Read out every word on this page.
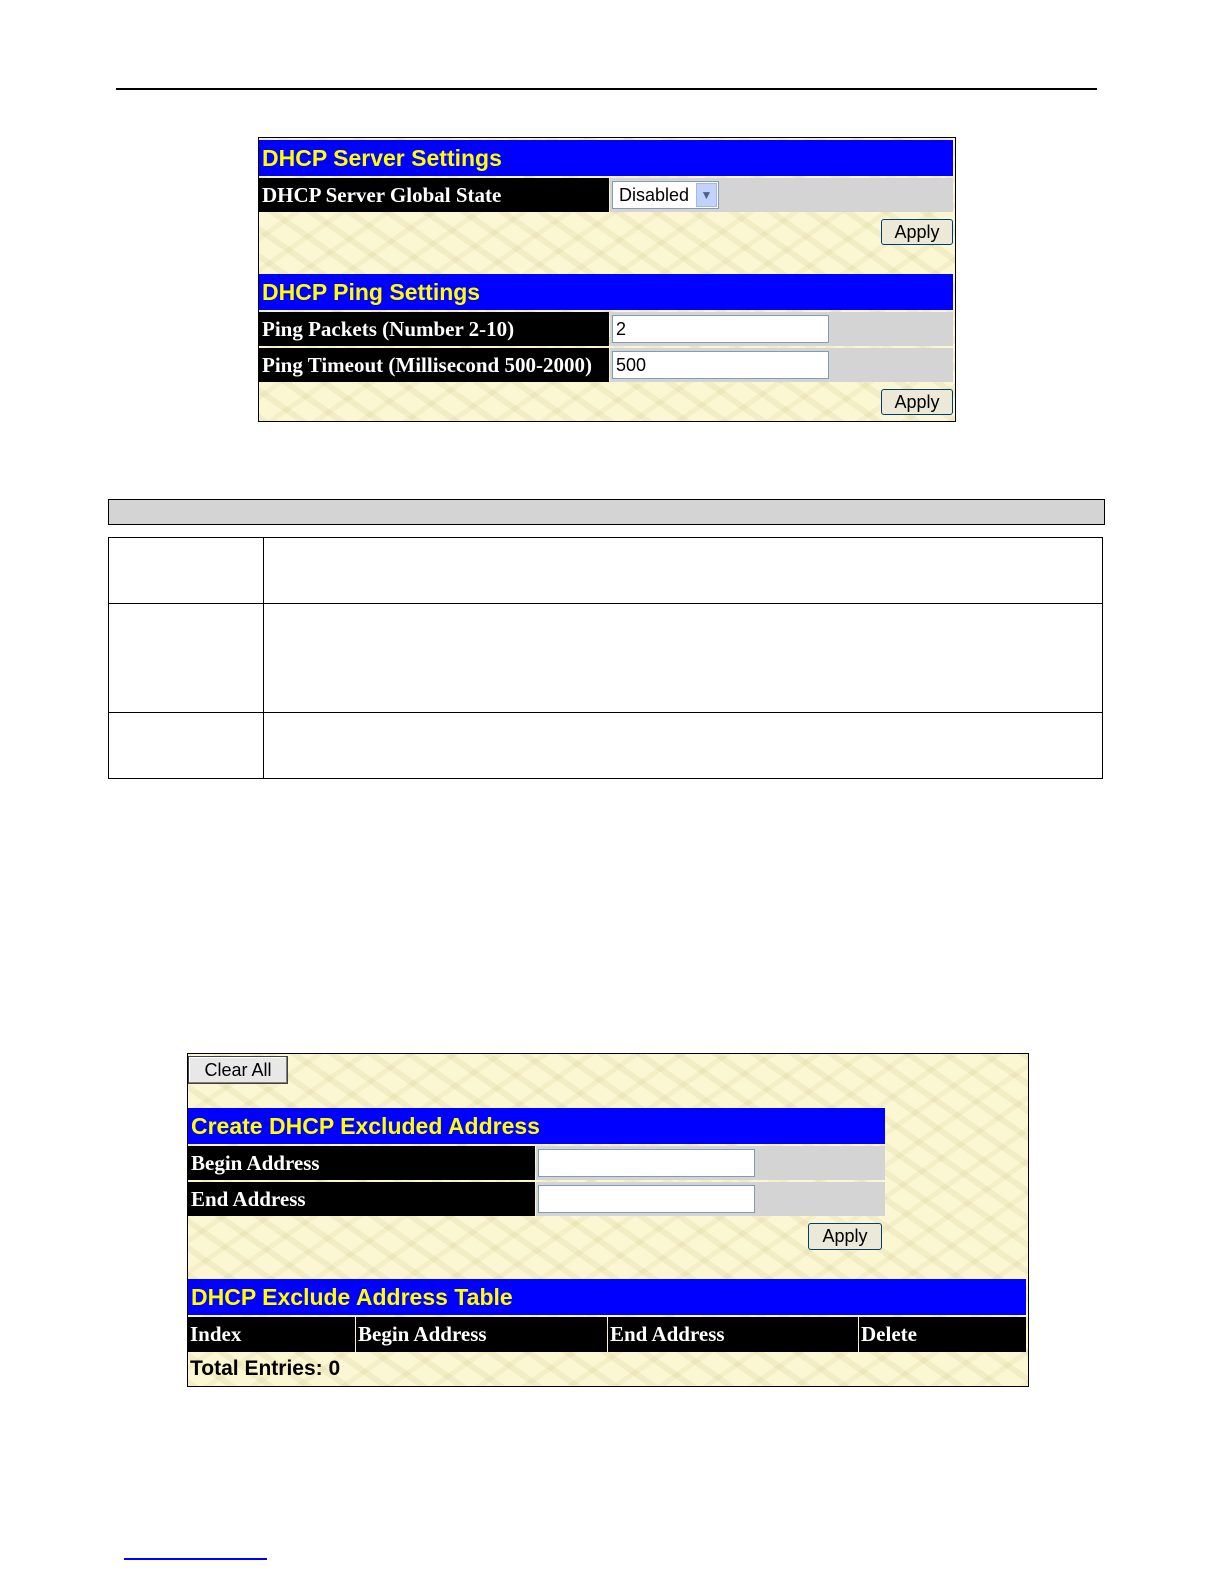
DHCP Server Settings
DHCP Server Global State	Disabled ▼
Apply
DHCP Ping Settings
Ping Packets (Number 2-10)	2
Ping Timeout (Millisecond 500-2000)	500
Apply
Clear All
Create DHCP Excluded Address
Begin Address
End Address
Apply
DHCP Exclude Address Table
Index	Begin Address	End Address	Delete
Total Entries: 0
